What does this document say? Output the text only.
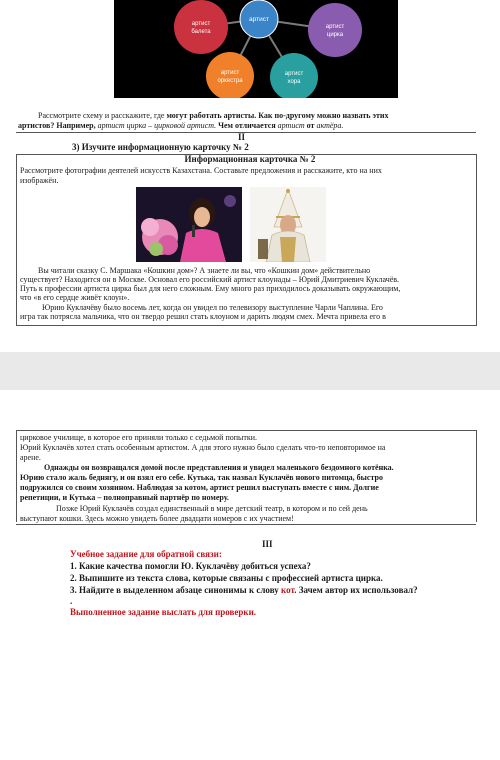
артист
балета
артист
цирка
артист
оркестра
артист
хора
артист
Рассмотрите схему и расскажите, где могут работать артисты. Как по-другому можно назвать этих
артистов? Например, артист цирка – цирковой артист. Чем отличается артист от актёра.
II
3) Изучите информационную карточку № 2
Информационная карточка № 2
Рассмотрите фотографии деятелей искусств Казахстана. Составьте предложения и расскажите, кто на них
изображён.
Вы читали сказку С. Маршака «Кошкин дом»? А знаете ли вы, что «Кошкин дом» действительно
существует? Находится он в Москве. Основал его российский артист клоунады – Юрий Дмитриевич Куклачёв.
Путь к профессии артиста цирка был для него сложным. Ему много раз приходилось доказывать окружающим,
что «в его сердце живёт клоун».
Юрию Куклачёву было восемь лет, когда он увидел по телевизору выступление Чарли Чаплина. Его
игра так потрясла мальчика, что он твердо решил стать клоуном и дарить людям смех. Мечта привела его в
цирковое училище, в которое его приняли только с седьмой попытки.
Юрий Куклачёв хотел стать особенным артистом. А для этого нужно было сделать что-то неповторимое на
арене.
Однажды он возвращался домой после представления и увидел маленького бездомного котёнка.
Юрию стало жаль беднягу, и он взял его себе. Кутька, так назвал Куклачёв нового питомца, быстро
подружился со своим хозяином. Наблюдая за котом, артист решил выступать вместе с ним. Долгие
репетиции, и Кутька – полноправный партнёр по номеру.
Позже Юрий Куклачёв создал единственный в мире детский театр, в котором и по сей день
выступают кошки. Здесь можно увидеть более двадцати номеров с их участием!
III
Учебное задание для обратной связи:
1. Какие качества помогли Ю. Куклачёву добиться успеха?
2. Выпишите из текста слова, которые связаны с профессией артиста цирка.
3. Найдите в выделенном абзаце синонимы к слову кот. Зачем автор их использовал?
.
Выполненное задание выслать для проверки.
